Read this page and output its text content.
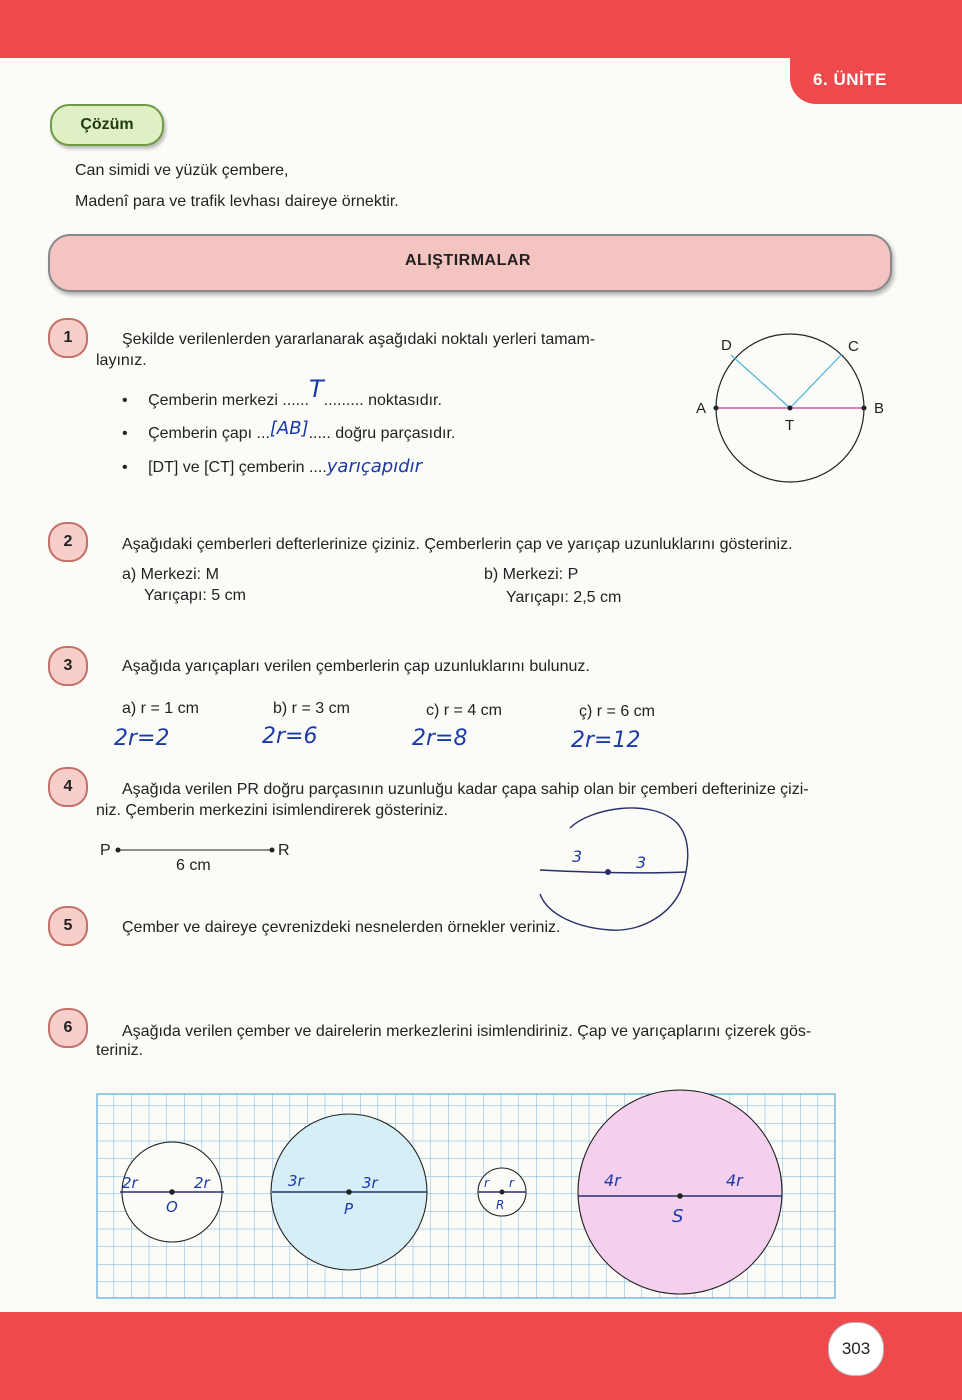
6. ÜNİTE
303
Çözüm
Can simidi ve yüzük çembere,
Madenî para ve trafik levhası daireye örnektir.
ALIŞTIRMALAR
1	Şekilde verilenlerden yararlanarak aşağıdaki noktalı yerleri tamam-
layınız.
• Çemberin merkezi ......T......... noktasıdır.
• Çemberin çapı ...[AB]..... doğru parçasıdır.
• [DT] ve [CT] çemberin ....yarıçapıdır
A	B
C
D
T
2	Aşağıdaki çemberleri defterlerinize çiziniz. Çemberlerin çap ve yarıçap uzunluklarını gösteriniz.
a) Merkezi: M
Yarıçapı: 5 cm
b) Merkezi: P
Yarıçapı: 2,5 cm
3	Aşağıda yarıçapları verilen çemberlerin çap uzunluklarını bulunuz.
a) r = 1 cm	b) r = 3 cm	c) r = 4 cm	ç) r = 6 cm
2r=2	2r=6	2r=8	2r=12
4	Aşağıda verilen PR doğru parçasının uzunluğu kadar çapa sahip olan bir çemberi defterinize çizi-
niz. Çemberin merkezini isimlendirerek gösteriniz.
P	R
6 cm	3	3
5	Çember ve daireye çevrenizdeki nesnelerden örnekler veriniz.
6	Aşağıda verilen çember ve dairelerin merkezlerini isimlendiriniz. Çap ve yarıçaplarını çizerek gös-
teriniz.
2r	2r
O
3r	3r
P
r r
R
4r	4r
S
